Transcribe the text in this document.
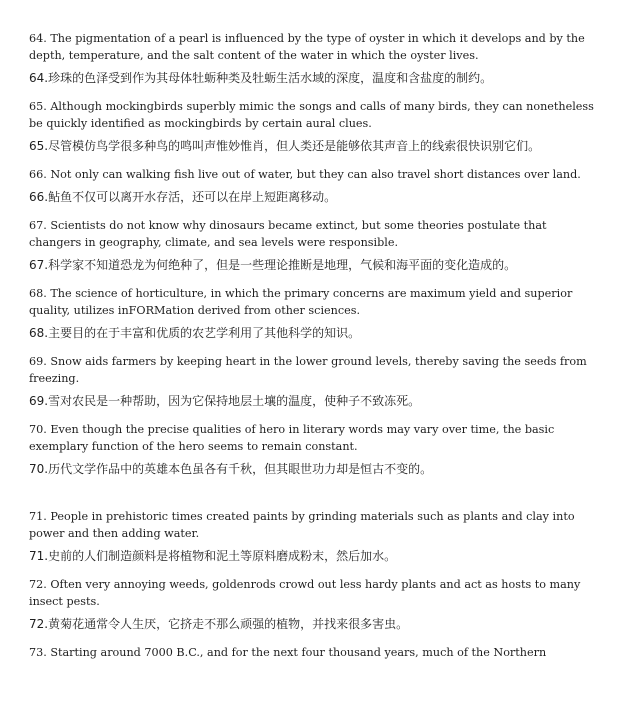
64. The pigmentation of a pearl is influenced by the type of oyster in which it develops and by the depth, temperature, and the salt content of the water in which the oyster lives.

64.珍珠的色泽受到作为其母体牡蛎种类及牡蛎生活水域的深度，温度和含盐度的制约。

65. Although mockingbirds superbly mimic the songs and calls of many birds, they can nonetheless be quickly identified as mockingbirds by certain aural clues.

65.尽管模仿鸟学很多种鸟的鸣叫声惟妙惟肖，但人类还是能够依其声音上的线索很快识别它们。

66. Not only can walking fish live out of water, but they can also travel short distances over land.

66.鲇鱼不仅可以离开水存活，还可以在岸上短距离移动。

67. Scientists do not know why dinosaurs became extinct, but some theories postulate that changers in geography, climate, and sea levels were responsible.

67.科学家不知道恐龙为何绝种了，但是一些理论推断是地理，气候和海平面的变化造成的。

68. The science of horticulture, in which the primary concerns are maximum yield and superior quality, utilizes inFORMation derived from other sciences.

68.主要目的在于丰富和优质的农艺学利用了其他科学的知识。

69. Snow aids farmers by keeping heart in the lower ground levels, thereby saving the seeds from freezing.

69.雪对农民是一种帮助，因为它保持地层土壤的温度，使种子不致冻死。

70. Even though the precise qualities of hero in literary words may vary over time, the basic exemplary function of the hero seems to remain constant.

70.历代文学作品中的英雄本色虽各有千秋，但其眼世功力却是恒古不变的。

71. People in prehistoric times created paints by grinding materials such as plants and clay into power and then adding water.

71.史前的人们制造颜料是将植物和泥土等原料磨成粉末，然后加水。

72. Often very annoying weeds, goldenrods crowd out less hardy plants and act as hosts to many insect pests.

72.黄菊花通常令人生厌，它挤走不那么顽强的植物，并找来很多害虫。

73. Starting around 7000 B.C., and for the next four thousand years, much of the Northern
